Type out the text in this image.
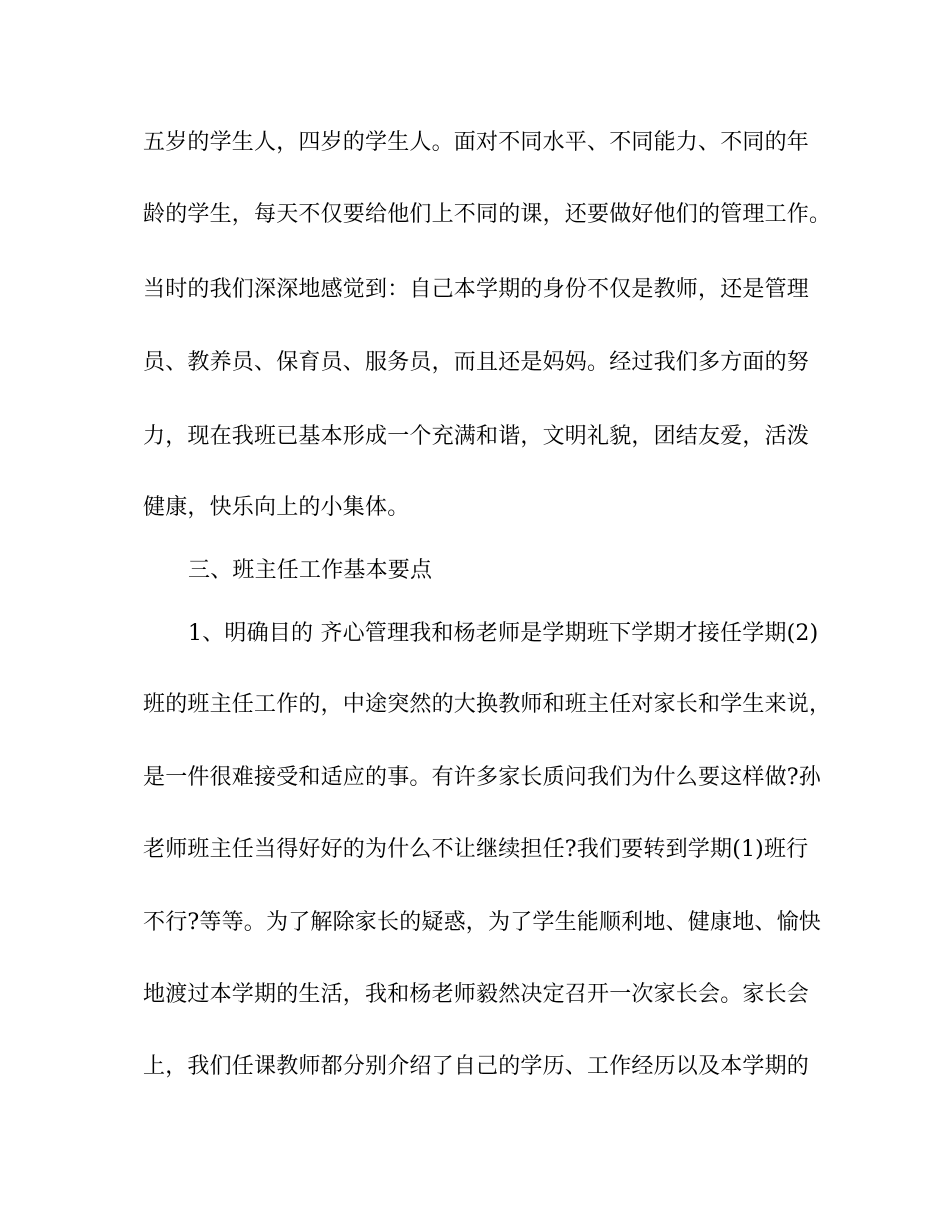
五岁的学生人，四岁的学生人。面对不同水平、不同能力、不同的年
龄的学生，每天不仅要给他们上不同的课，还要做好他们的管理工作。
当时的我们深深地感觉到：自己本学期的身份不仅是教师，还是管理
员、教养员、保育员、服务员，而且还是妈妈。经过我们多方面的努
力，现在我班已基本形成一个充满和谐，文明礼貌，团结友爱，活泼
健康，快乐向上的小集体。
三、班主任工作基本要点
1、明确目的 齐心管理我和杨老师是学期班下学期才接任学期(2)
班的班主任工作的，中途突然的大换教师和班主任对家长和学生来说，
是一件很难接受和适应的事。有许多家长质问我们为什么要这样做?孙
老师班主任当得好好的为什么不让继续担任?我们要转到学期(1)班行
不行?等等。为了解除家长的疑惑，为了学生能顺利地、健康地、愉快
地渡过本学期的生活，我和杨老师毅然决定召开一次家长会。家长会
上，我们任课教师都分别介绍了自己的学历、工作经历以及本学期的
